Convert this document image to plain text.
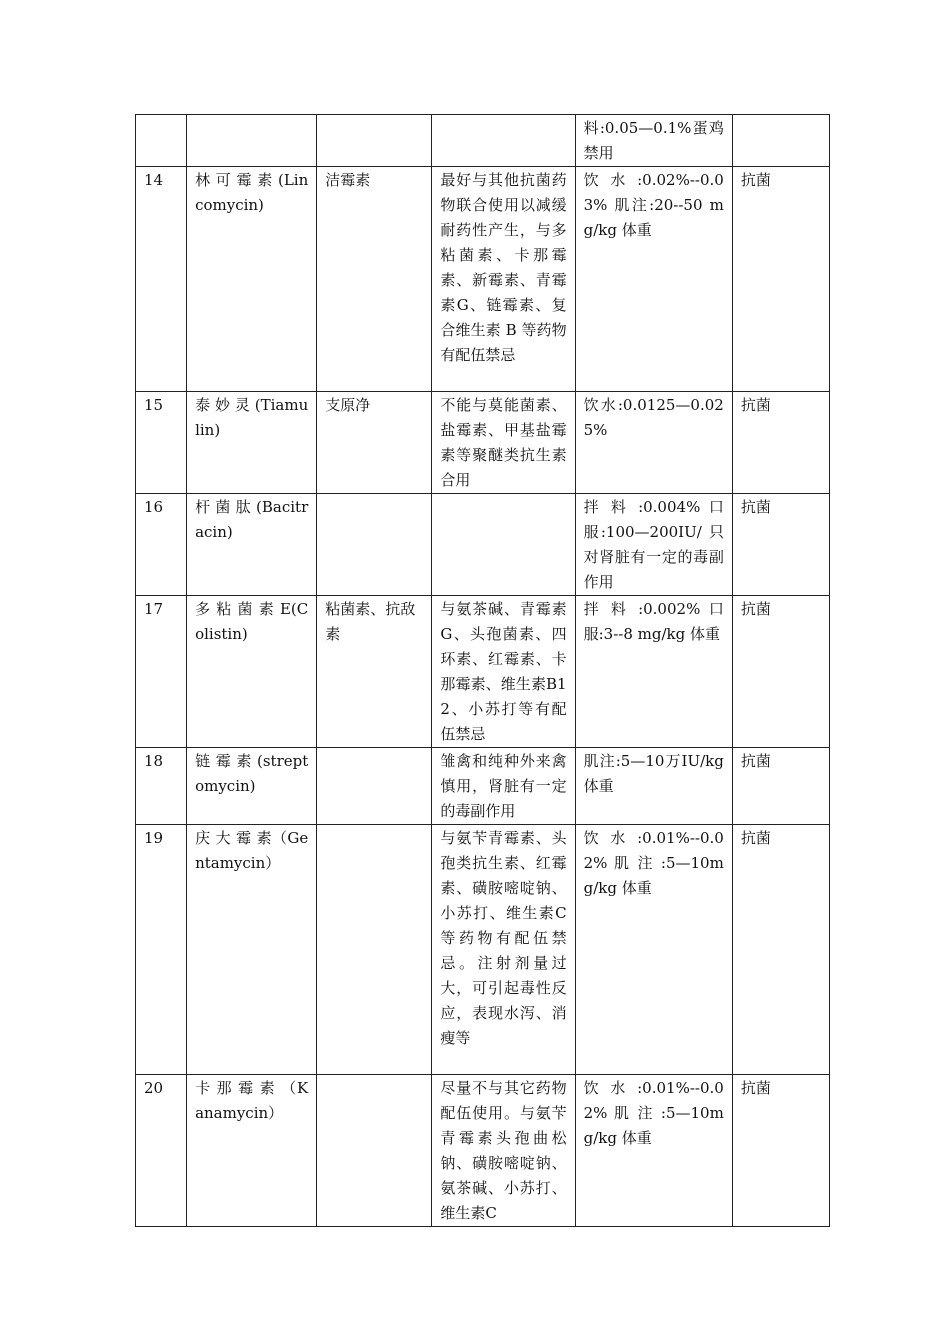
				料:0.05—0.1%蛋鸡禁用	
14	林 可 霉 素 (Lincomycin)	洁霉素	最好与其他抗菌药物联合使用以减缓耐药性产生，与多粘菌素、卡那霉素、新霉素、青霉素G、链霉素、复合维生素 B 等药物有配伍禁忌	饮水:0.02%--0.03% 肌注:20--50 mg/kg 体重	抗菌
15	泰 妙 灵 (Tiamulin)	支原净	不能与莫能菌素、盐霉素、甲基盐霉素等聚醚类抗生素合用	饮水:0.0125—0.025%	抗菌
16	杆 菌 肽 (Bacitracin)			拌 料 :0.004% 口服:100—200IU/ 只 对肾脏有一定的毒副作用	抗菌
17	多 粘 菌 素 E(Colistin)	粘菌素、抗敌素	与氨茶碱、青霉素G、头孢菌素、四环素、红霉素、卡那霉素、维生素B12、小苏打等有配伍禁忌	拌 料 :0.002% 口服:3--8 mg/kg 体重	抗菌
18	链 霉 素 (streptomycin)		雏禽和纯种外来禽慎用，肾脏有一定的毒副作用	肌注:5—10万IU/kg 体重	抗菌
19	庆 大 霉 素（Gentamycin）		与氨苄青霉素、头孢类抗生素、红霉素、磺胺嘧啶钠、小苏打、维生素C等药物有配伍禁忌。注射剂量过大，可引起毒性反应，表现水泻、消瘦等	饮水:0.01%--0.02% 肌 注 :5—10mg/kg 体重	抗菌
20	卡 那 霉 素 （K anamycin）		尽量不与其它药物配伍使用。与氨苄青霉素头孢曲松钠、磺胺嘧啶钠、氨茶碱、小苏打、维生素C	饮水:0.01%--0.02% 肌 注 :5—10mg/kg 体重	抗菌
